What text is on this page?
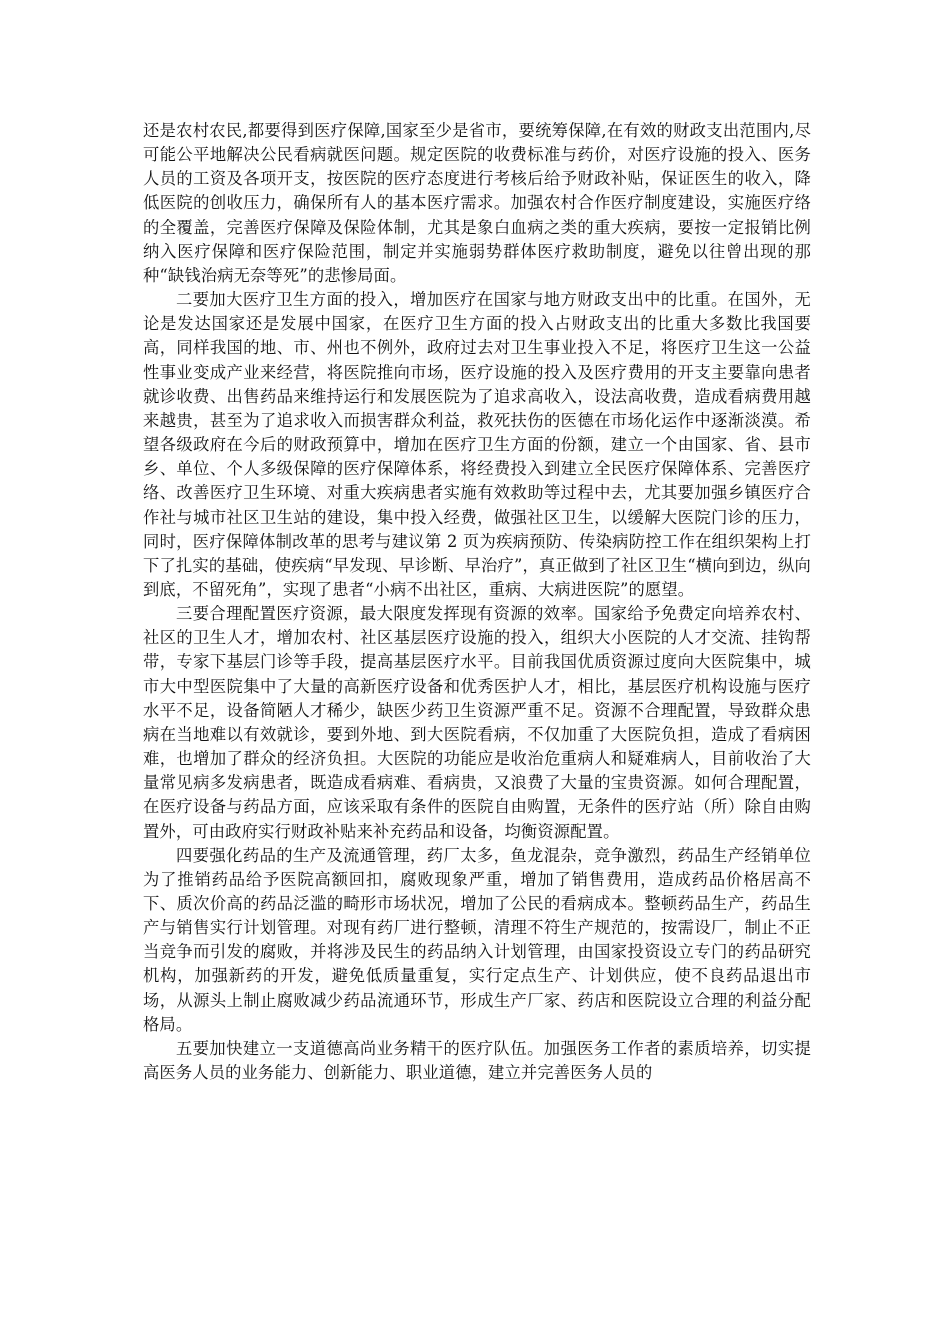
还是农村农民,都要得到医疗保障,国家至少是省市，要统筹保障,在有效的财政支出范围内,尽可能公平地解决公民看病就医问题。规定医院的收费标准与药价，对医疗设施的投入、医务人员的工资及各项开支，按医院的医疗态度进行考核后给予财政补贴，保证医生的收入，降低医院的创收压力，确保所有人的基本医疗需求。加强农村合作医疗制度建设，实施医疗络的全覆盖，完善医疗保障及保险体制，尤其是象白血病之类的重大疾病，要按一定报销比例纳入医疗保障和医疗保险范围，制定并实施弱势群体医疗救助制度，避免以往曾出现的那种“缺钱治病无奈等死”的悲惨局面。

二要加大医疗卫生方面的投入，增加医疗在国家与地方财政支出中的比重。在国外，无论是发达国家还是发展中国家，在医疗卫生方面的投入占财政支出的比重大多数比我国要高，同样我国的地、市、州也不例外，政府过去对卫生事业投入不足，将医疗卫生这一公益性事业变成产业来经营，将医院推向市场，医疗设施的投入及医疗费用的开支主要靠向患者就诊收费、出售药品来维持运行和发展医院为了追求高收入，设法高收费，造成看病费用越来越贵，甚至为了追求收入而损害群众利益，救死扶伤的医德在市场化运作中逐渐淡漠。希望各级政府在今后的财政预算中，增加在医疗卫生方面的份额，建立一个由国家、省、县市乡、单位、个人多级保障的医疗保障体系，将经费投入到建立全民医疗保障体系、完善医疗络、改善医疗卫生环境、对重大疾病患者实施有效救助等过程中去，尤其要加强乡镇医疗合作社与城市社区卫生站的建设，集中投入经费，做强社区卫生，以缓解大医院门诊的压力，同时，医疗保障体制改革的思考与建议第 2 页为疾病预防、传染病防控工作在组织架构上打下了扎实的基础，使疾病“早发现、早诊断、早治疗”，真正做到了社区卫生“横向到边，纵向到底，不留死角”，实现了患者“小病不出社区，重病、大病进医院”的愿望。

三要合理配置医疗资源，最大限度发挥现有资源的效率。国家给予免费定向培养农村、社区的卫生人才，增加农村、社区基层医疗设施的投入，组织大小医院的人才交流、挂钩帮带，专家下基层门诊等手段，提高基层医疗水平。目前我国优质资源过度向大医院集中，城市大中型医院集中了大量的高新医疗设备和优秀医护人才，相比，基层医疗机构设施与医疗水平不足，设备简陋人才稀少，缺医少药卫生资源严重不足。资源不合理配置，导致群众患病在当地难以有效就诊，要到外地、到大医院看病，不仅加重了大医院负担，造成了看病困难，也增加了群众的经济负担。大医院的功能应是收治危重病人和疑难病人，目前收治了大量常见病多发病患者，既造成看病难、看病贵，又浪费了大量的宝贵资源。如何合理配置，在医疗设备与药品方面，应该采取有条件的医院自由购置，无条件的医疗站（所）除自由购置外，可由政府实行财政补贴来补充药品和设备，均衡资源配置。

四要强化药品的生产及流通管理，药厂太多，鱼龙混杂，竞争激烈，药品生产经销单位为了推销药品给予医院高额回扣，腐败现象严重，增加了销售费用，造成药品价格居高不下、质次价高的药品泛滥的畸形市场状况，增加了公民的看病成本。整顿药品生产，药品生产与销售实行计划管理。对现有药厂进行整顿，清理不符生产规范的，按需设厂，制止不正当竞争而引发的腐败，并将涉及民生的药品纳入计划管理，由国家投资设立专门的药品研究机构，加强新药的开发，避免低质量重复，实行定点生产、计划供应，使不良药品退出市场，从源头上制止腐败减少药品流通环节，形成生产厂家、药店和医院设立合理的利益分配格局。

五要加快建立一支道德高尚业务精干的医疗队伍。加强医务工作者的素质培养，切实提高医务人员的业务能力、创新能力、职业道德，建立并完善医务人员的
